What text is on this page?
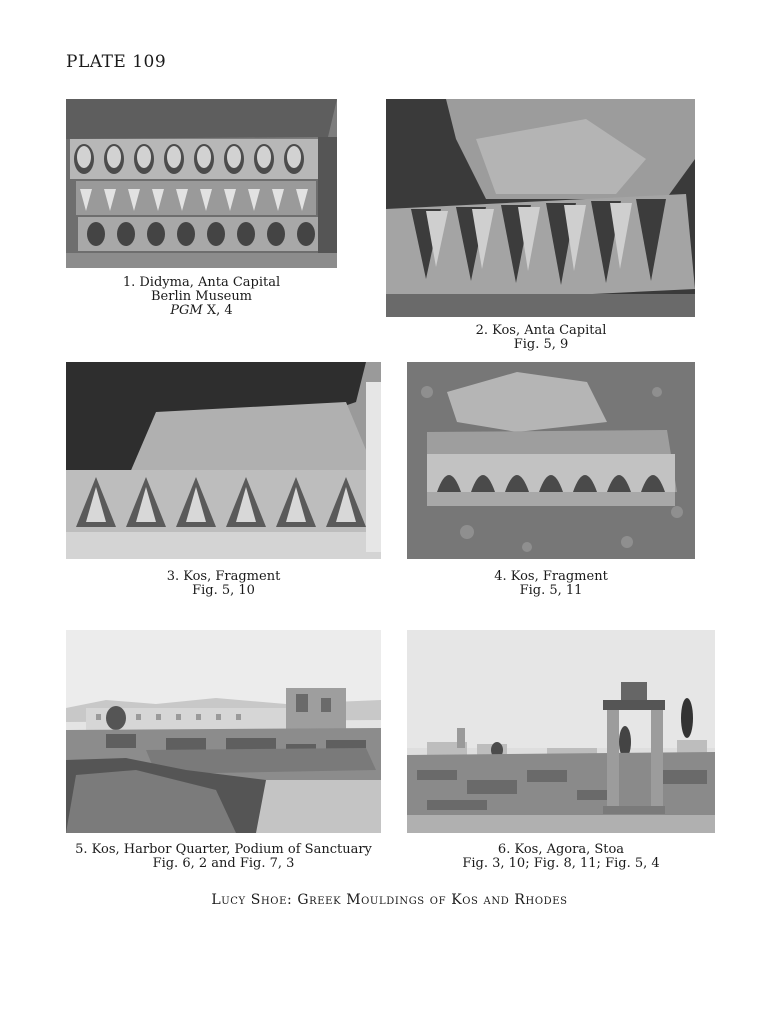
PLATE 109
1. Didyma, Anta Capital
Berlin Museum
PGM X, 4
2. Kos, Anta Capital
Fig. 5, 9
3. Kos, Fragment
Fig. 5, 10
4. Kos, Fragment
Fig. 5, 11
5. Kos, Harbor Quarter, Podium of Sanctuary
Fig. 6, 2 and Fig. 7, 3
6. Kos, Agora, Stoa
Fig. 3, 10; Fig. 8, 11; Fig. 5, 4
Lucy Shoe: Greek Mouldings of Kos and Rhodes
